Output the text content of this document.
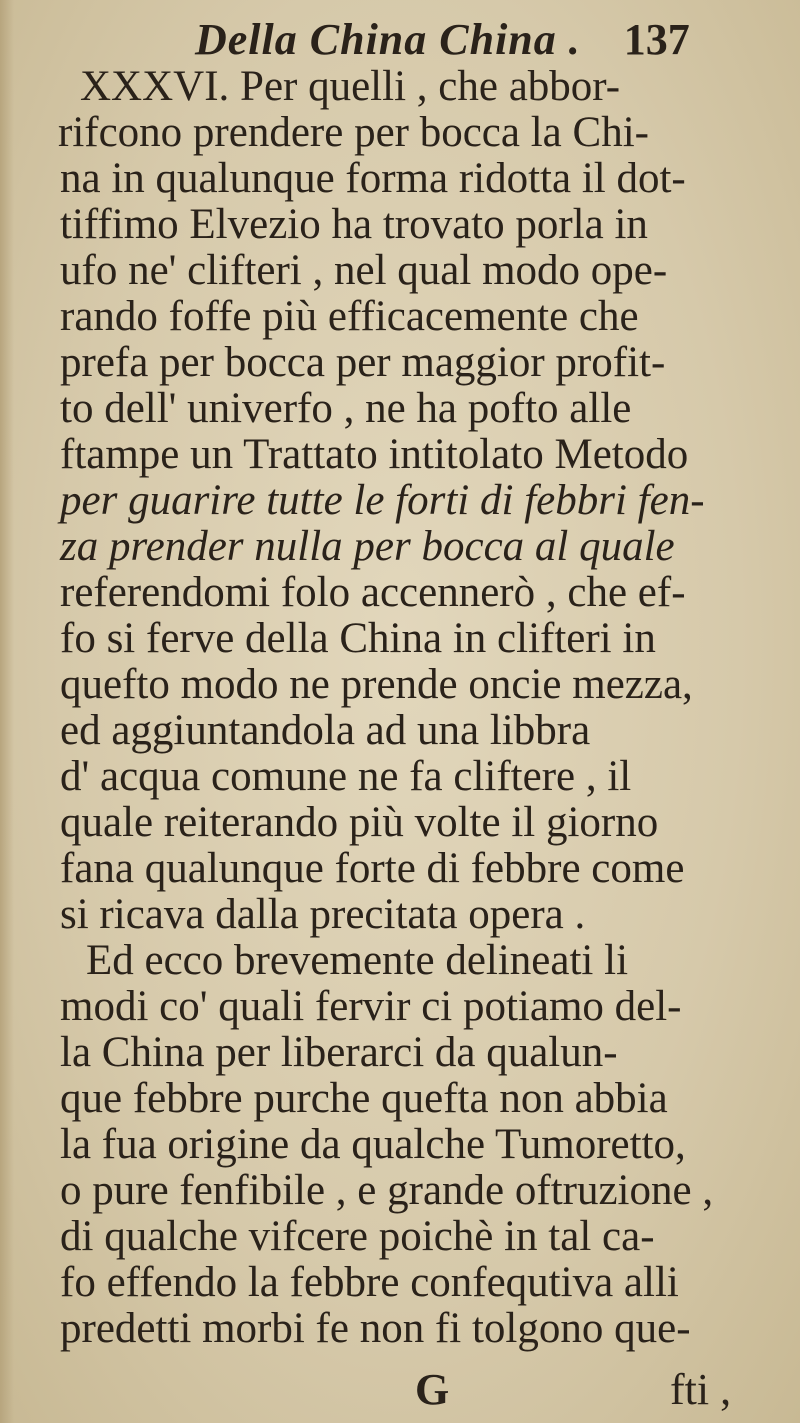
Della China China . 137
XXXVI. Per quelli , che abbor-
rifcono prendere per bocca la Chi-
na in qualunque forma ridotta il dot-
tiffimo Elvezio ha trovato porla in
ufo ne' clifteri , nel qual modo ope-
rando foffe più efficacemente che
prefa per bocca per maggior profit-
to dell' univerfo , ne ha pofto alle
ftampe un Trattato intitolato Metodo
per guarire tutte le forti di febbri fen-
za prender nulla per bocca al quale
referendomi folo accennerò , che ef-
fo si ferve della China in clifteri in
quefto modo ne prende oncie mezza,
ed aggiuntandola ad una libbra
d' acqua comune ne fa cliftere , il
quale reiterando più volte il giorno
fana qualunque forte di febbre come
si ricava dalla precitata opera .
Ed ecco brevemente delineati li
modi co' quali fervir ci potiamo del-
la China per liberarci da qualun-
que febbre purche quefta non abbia
la fua origine da qualche Tumoretto,
o pure fenfibile , e grande oftruzione ,
di qualche vifcere poichè in tal ca-
fo effendo la febbre confequtiva alli
predetti morbi fe non fi tolgono que-
G	fti ,
